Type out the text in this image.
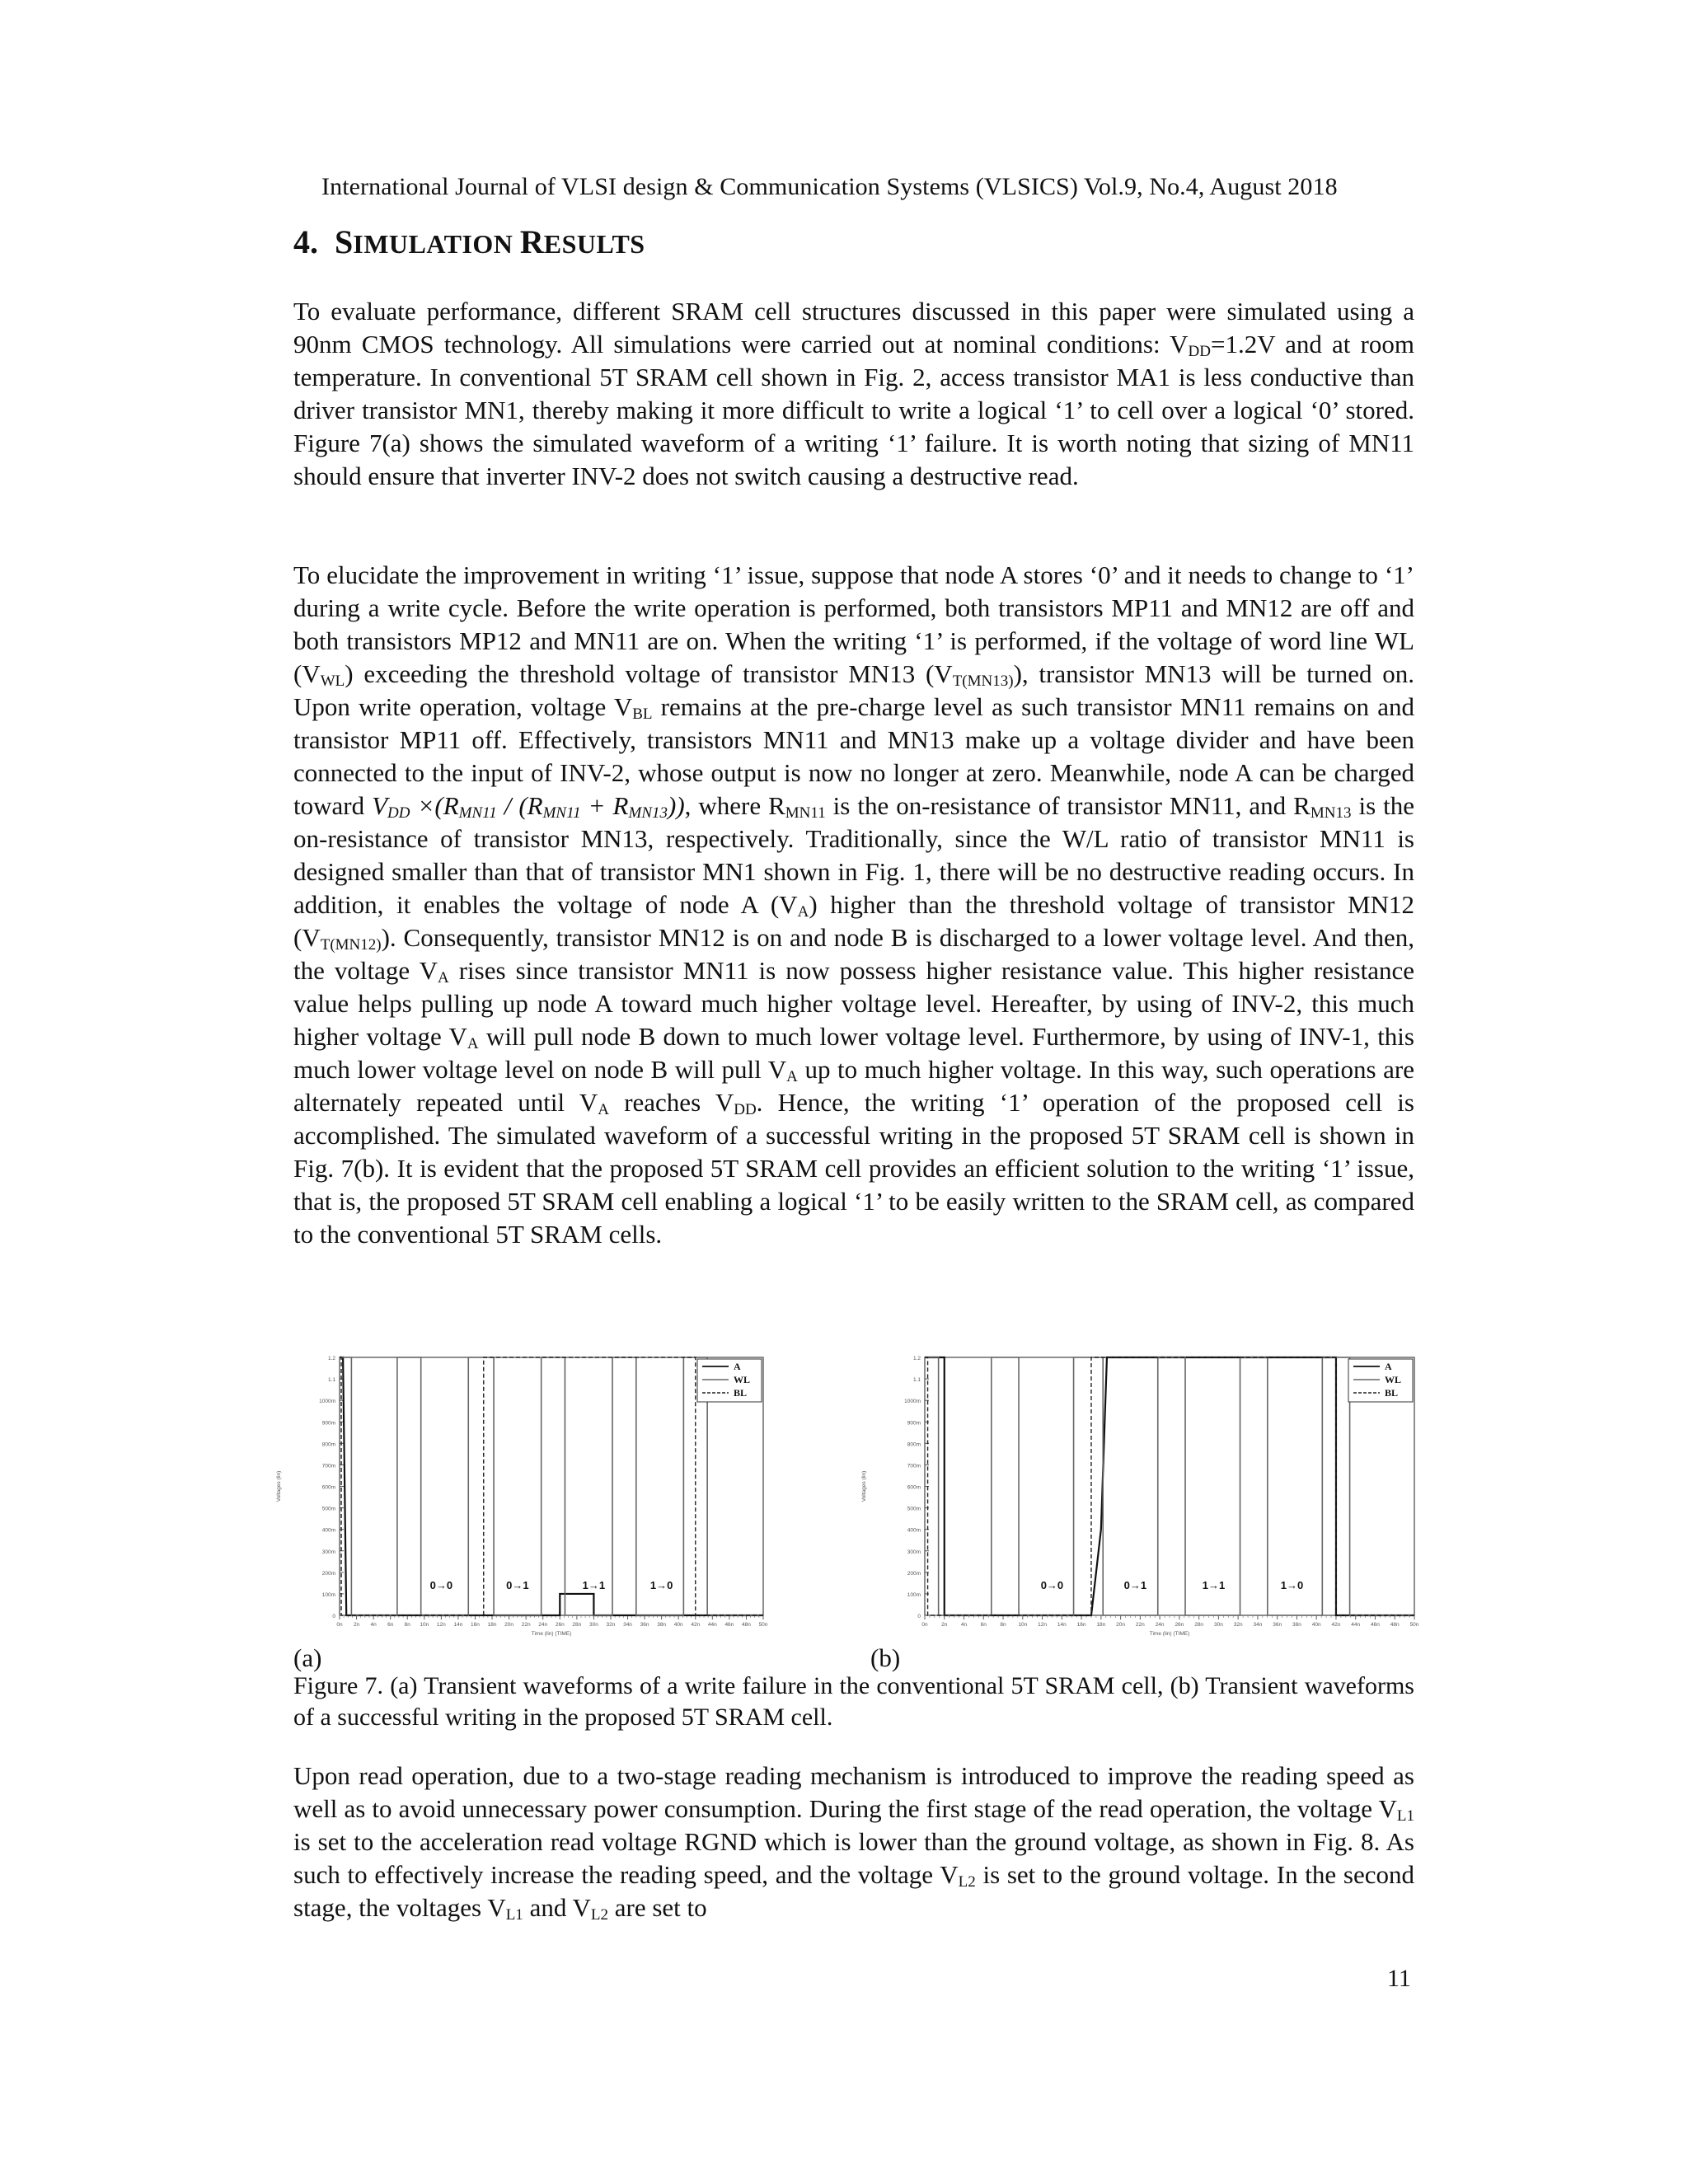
International Journal of VLSI design & Communication Systems (VLSICS) Vol.9, No.4, August 2018
4. SIMULATION RESULTS
To evaluate performance, different SRAM cell structures discussed in this paper were simulated using a 90nm CMOS technology. All simulations were carried out at nominal conditions: $V_{DD}=1.2V$ and at room temperature. In conventional 5T SRAM cell shown in Fig. 2, access transistor MA1 is less conductive than driver transistor MN1, thereby making it more difficult to write a logical ‘1’ to cell over a logical ‘0’ stored. Figure 7(a) shows the simulated waveform of a writing ‘1’ failure. It is worth noting that sizing of MN11 should ensure that inverter INV-2 does not switch causing a destructive read.
To elucidate the improvement in writing ‘1’ issue, suppose that node A stores ‘0’ and it needs to change to ‘1’ during a write cycle. Before the write operation is performed, both transistors MP11 and MN12 are off and both transistors MP12 and MN11 are on. When the writing ‘1’ is performed, if the voltage of word line WL $(V_{WL})$ exceeding the threshold voltage of transistor MN13 $(V_{T(MN13)})$, transistor MN13 will be turned on. Upon write operation, voltage $V_{BL}$ remains at the pre-charge level as such transistor MN11 remains on and transistor MP11 off. Effectively, transistors MN11 and MN13 make up a voltage divider and have been connected to the input of INV-2, whose output is now no longer at zero. Meanwhile, node A can be charged toward $V_{DD} \times(R_{MN11} / (R_{MN11} + R_{MN13}))$, where $R_{MN11}$ is the on-resistance of transistor MN11, and $R_{MN13}$ is the on-resistance of transistor MN13, respectively. Traditionally, since the W/L ratio of transistor MN11 is designed smaller than that of transistor MN1 shown in Fig. 1, there will be no destructive reading occurs. In addition, it enables the voltage of node A $(V_A)$ higher than the threshold voltage of transistor MN12 $(V_{T(MN12)})$. Consequently, transistor MN12 is on and node B is discharged to a lower voltage level. And then, the voltage $V_A$ rises since transistor MN11 is now possess higher resistance value. This higher resistance value helps pulling up node A toward much higher voltage level. Hereafter, by using of INV-2, this much higher voltage $V_A$ will pull node B down to much lower voltage level. Furthermore, by using of INV-1, this much lower voltage level on node B will pull $V_A$ up to much higher voltage. In this way, such operations are alternately repeated until $V_A$ reaches $V_{DD}$. Hence, the writing ‘1’ operation of the proposed cell is accomplished. The simulated waveform of a successful writing in the proposed 5T SRAM cell is shown in Fig. 7(b). It is evident that the proposed 5T SRAM cell provides an efficient solution to the writing ‘1’ issue, that is, the proposed 5T SRAM cell enabling a logical ‘1’ to be easily written to the SRAM cell, as compared to the conventional 5T SRAM cells.
0
100m
200m
300m
400m
500m
600m
700m
800m
900m
1000m
1.1
1.2
0n 2n 4n 6n 8n 10n 12n 14n 16n 18n 20n 22n 24n 26n 28n 30n 32n 34n 36n 38n 40n 42n 44n 46n 48n 50n
Time (lin) (TIME)
Voltages (lin)
0→0	0→1	1→1	1→0
A
WL
BL
0
100m
200m
300m
400m
500m
600m
700m
800m
900m
1000m
1.1
1.2
0n	2n	4n	6n	8n 10n 12n 14n 16n 18n 20n 22n 24n 26n 28n 30n 32n 34n 36n 38n 40n 42n 44n 46n 48n 50n
Time (lin) (TIME)
Voltages (lin)
0→0	0→1	1→1	1→0
A
WL
BL
(a)	(b)
Figure 7. (a) Transient waveforms of a write failure in the conventional 5T SRAM cell, (b) Transient waveforms of a successful writing in the proposed 5T SRAM cell.
Upon read operation, due to a two-stage reading mechanism is introduced to improve the reading speed as well as to avoid unnecessary power consumption. During the first stage of the read operation, the voltage $V_{L1}$ is set to the acceleration read voltage RGND which is lower than the ground voltage, as shown in Fig. 8. As such to effectively increase the reading speed, and the voltage $V_{L2}$ is set to the ground voltage. In the second stage, the voltages $V_{L1}$ and $V_{L2}$ are set to
11
